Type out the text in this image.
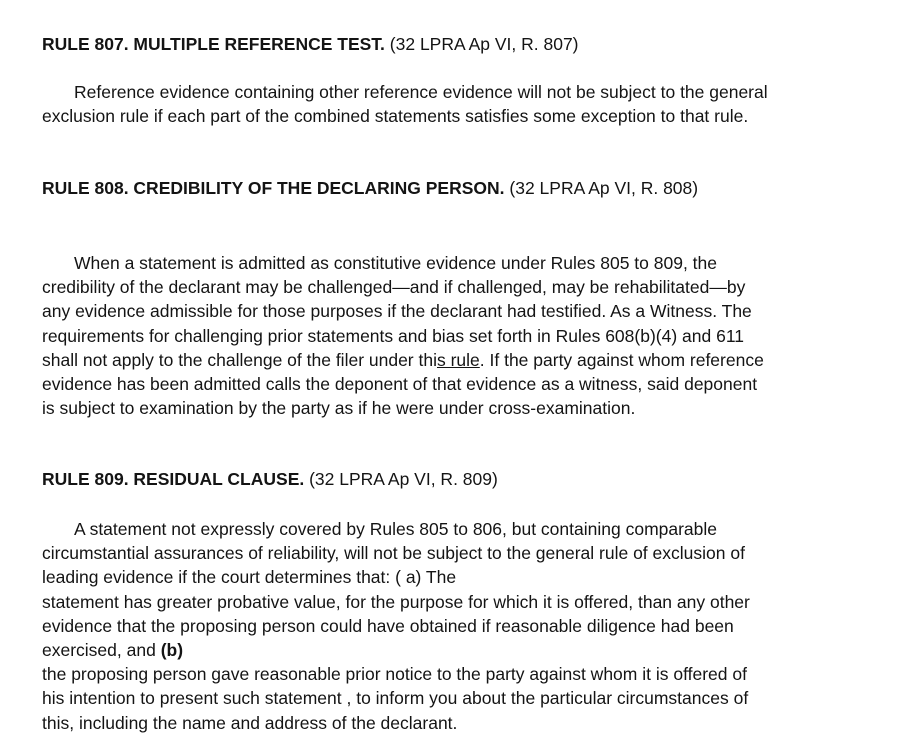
RULE 807. MULTIPLE REFERENCE TEST. (32 LPRA Ap VI, R. 807)
Reference evidence containing other reference evidence will not be subject to the general
exclusion rule if each part of the combined statements satisfies some exception to that rule.
RULE 808. CREDIBILITY OF THE DECLARING PERSON. (32 LPRA Ap VI, R. 808)
When a statement is admitted as constitutive evidence under Rules 805 to 809, the
credibility of the declarant may be challenged—and if challenged, may be rehabilitated—by
any evidence admissible for those purposes if the declarant had testified. As a Witness. The
requirements for challenging prior statements and bias set forth in Rules 608(b)(4) and 611
shall not apply to the challenge of the filer under this rule. If the party against whom reference
evidence has been admitted calls the deponent of that evidence as a witness, said deponent
is subject to examination by the party as if he were under cross-examination.
RULE 809. RESIDUAL CLAUSE. (32 LPRA Ap VI, R. 809)
A statement not expressly covered by Rules 805 to 806, but containing comparable
circumstantial assurances of reliability, will not be subject to the general rule of exclusion of
leading evidence if the court determines that: ( a) The
statement has greater probative value, for the purpose for which it is offered, than any other
evidence that the proposing person could have obtained if reasonable diligence had been
exercised, and (b)
the proposing person gave reasonable prior notice to the party against whom it is offered of
his intention to present such statement , to inform you about the particular circumstances of
this, including the name and address of the declarant.
